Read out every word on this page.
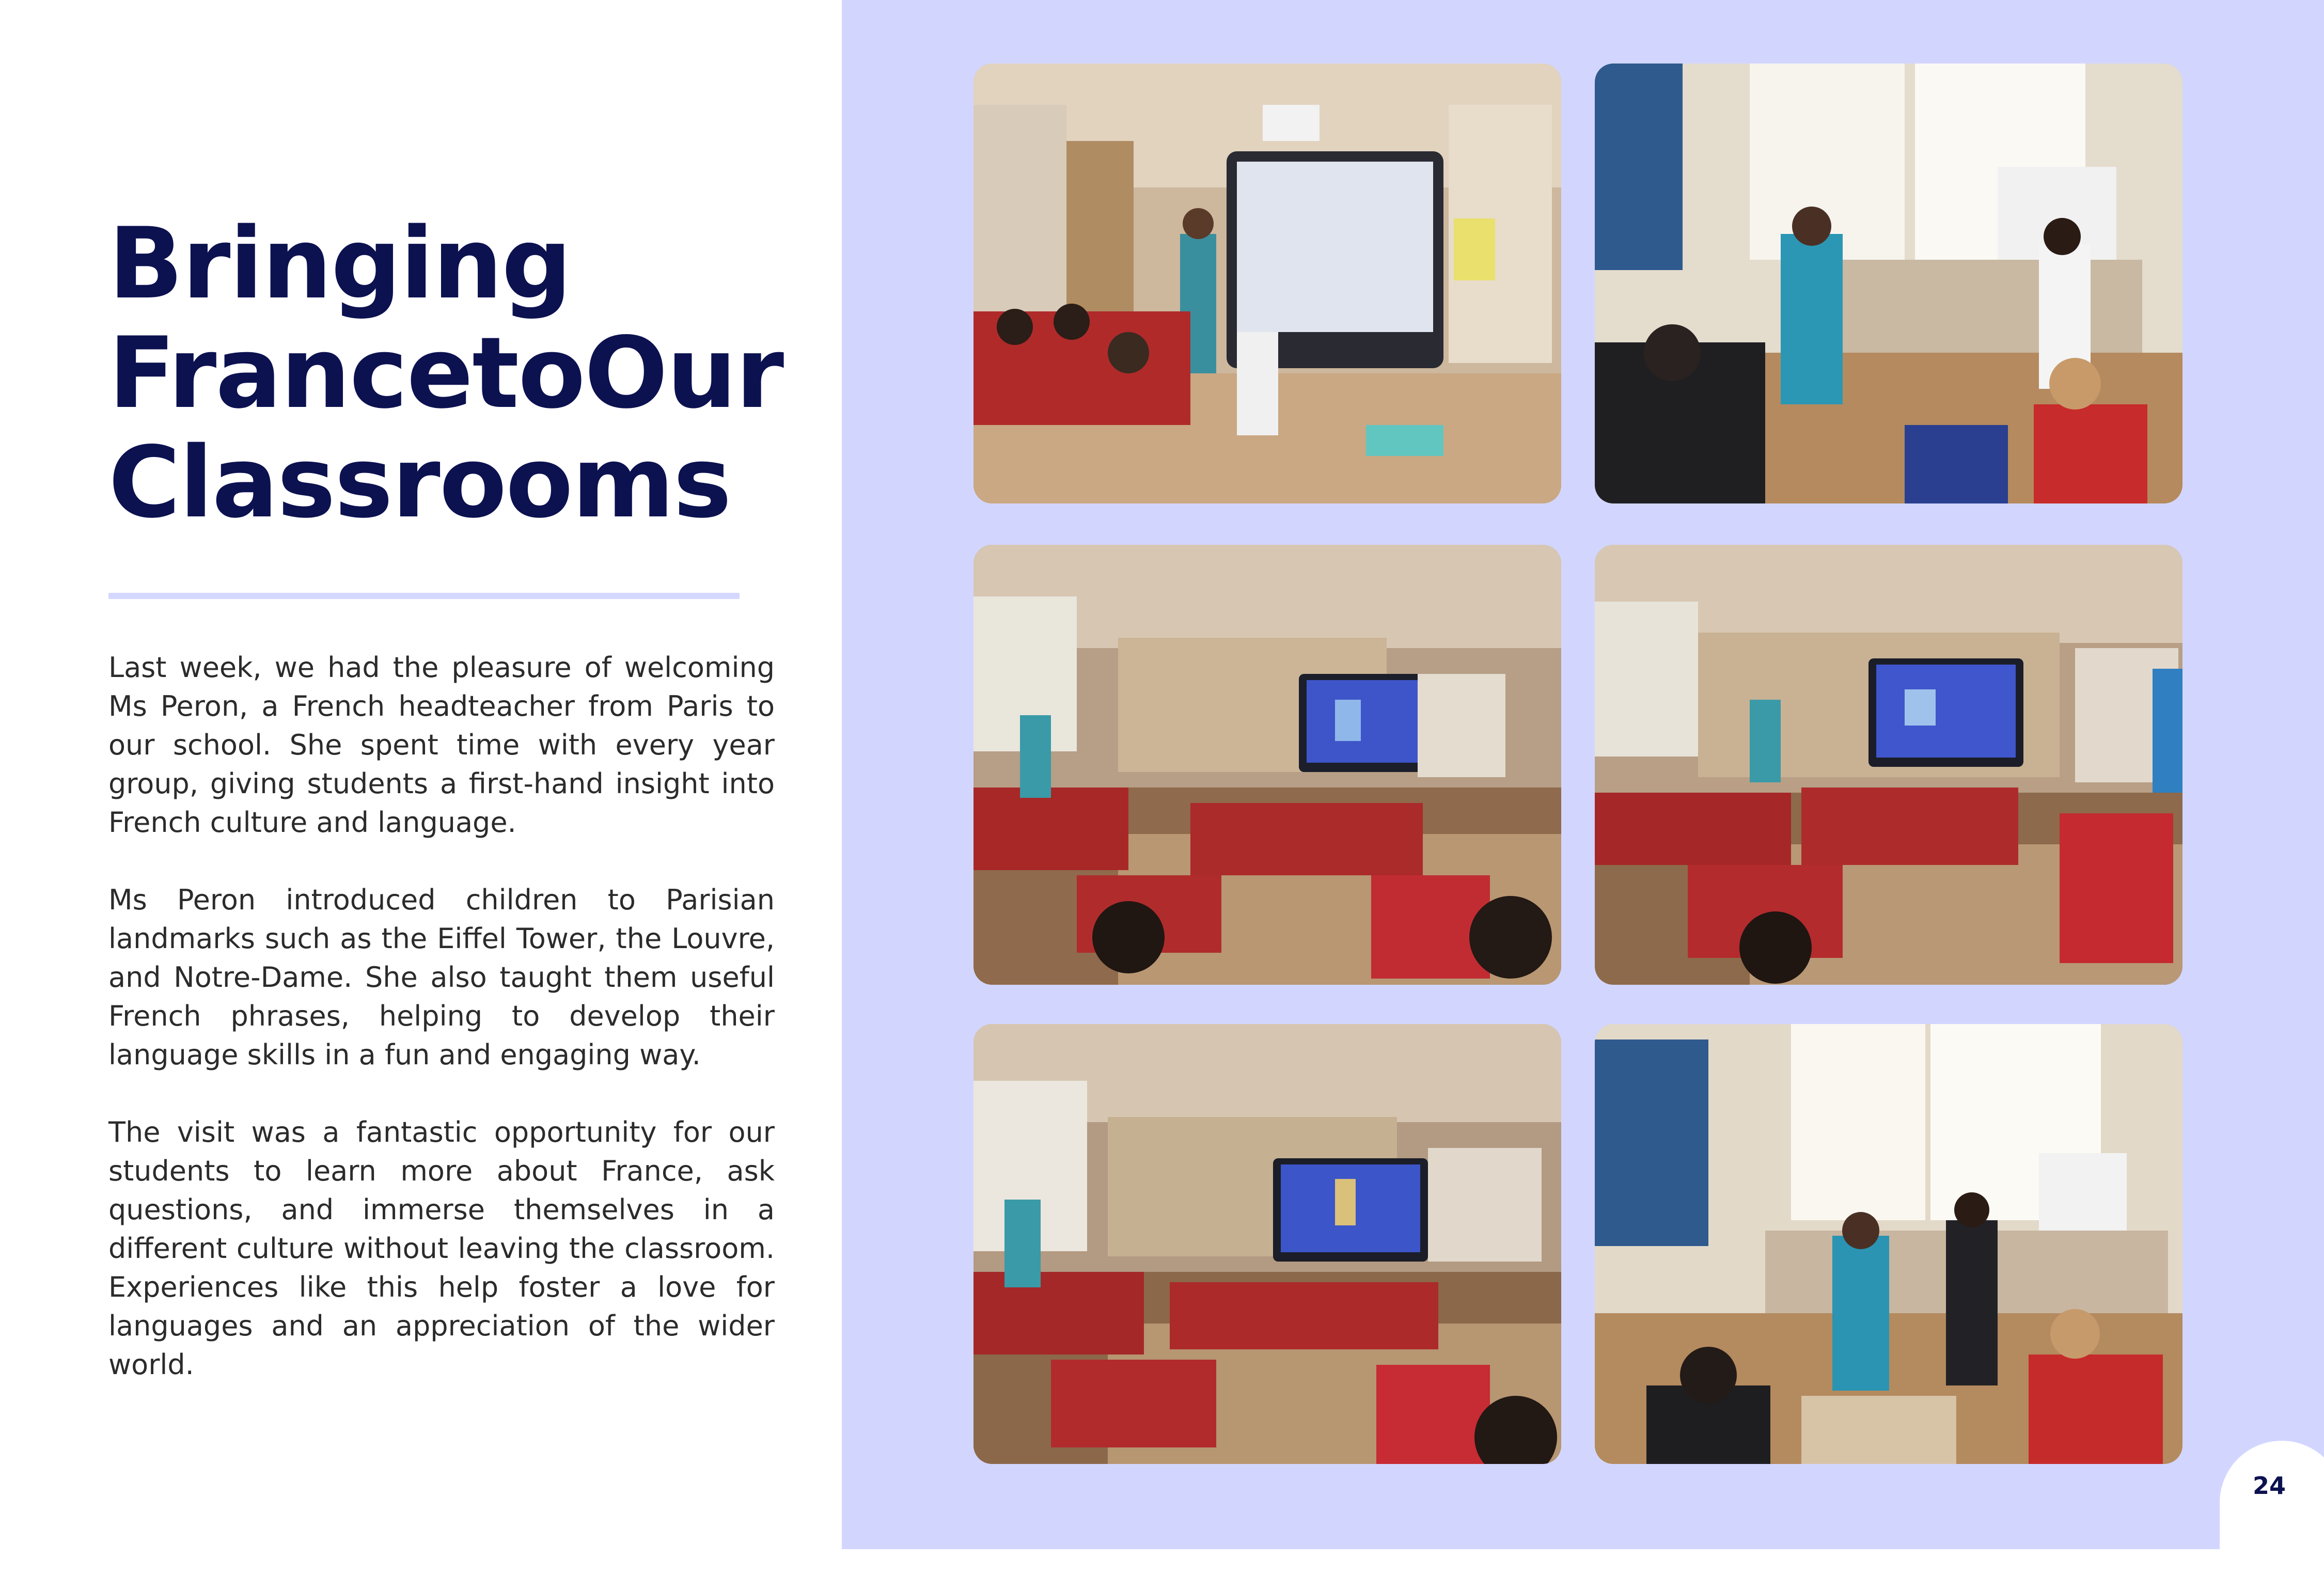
Bringing
France to Our
Classrooms

Last week, we had the pleasure of welcoming Ms Peron, a French headteacher from Paris to our school. She spent time with every year group, giving students a first-hand insight into French culture and language.

Ms Peron introduced children to Parisian landmarks such as the Eiffel Tower, the Louvre, and Notre-Dame. She also taught them useful French phrases, helping to develop their language skills in a fun and engaging way.

The visit was a fantastic opportunity for our students to learn more about France, ask questions, and immerse themselves in a different culture without leaving the classroom. Experiences like this help foster a love for languages and an appreciation of the wider world.

24
